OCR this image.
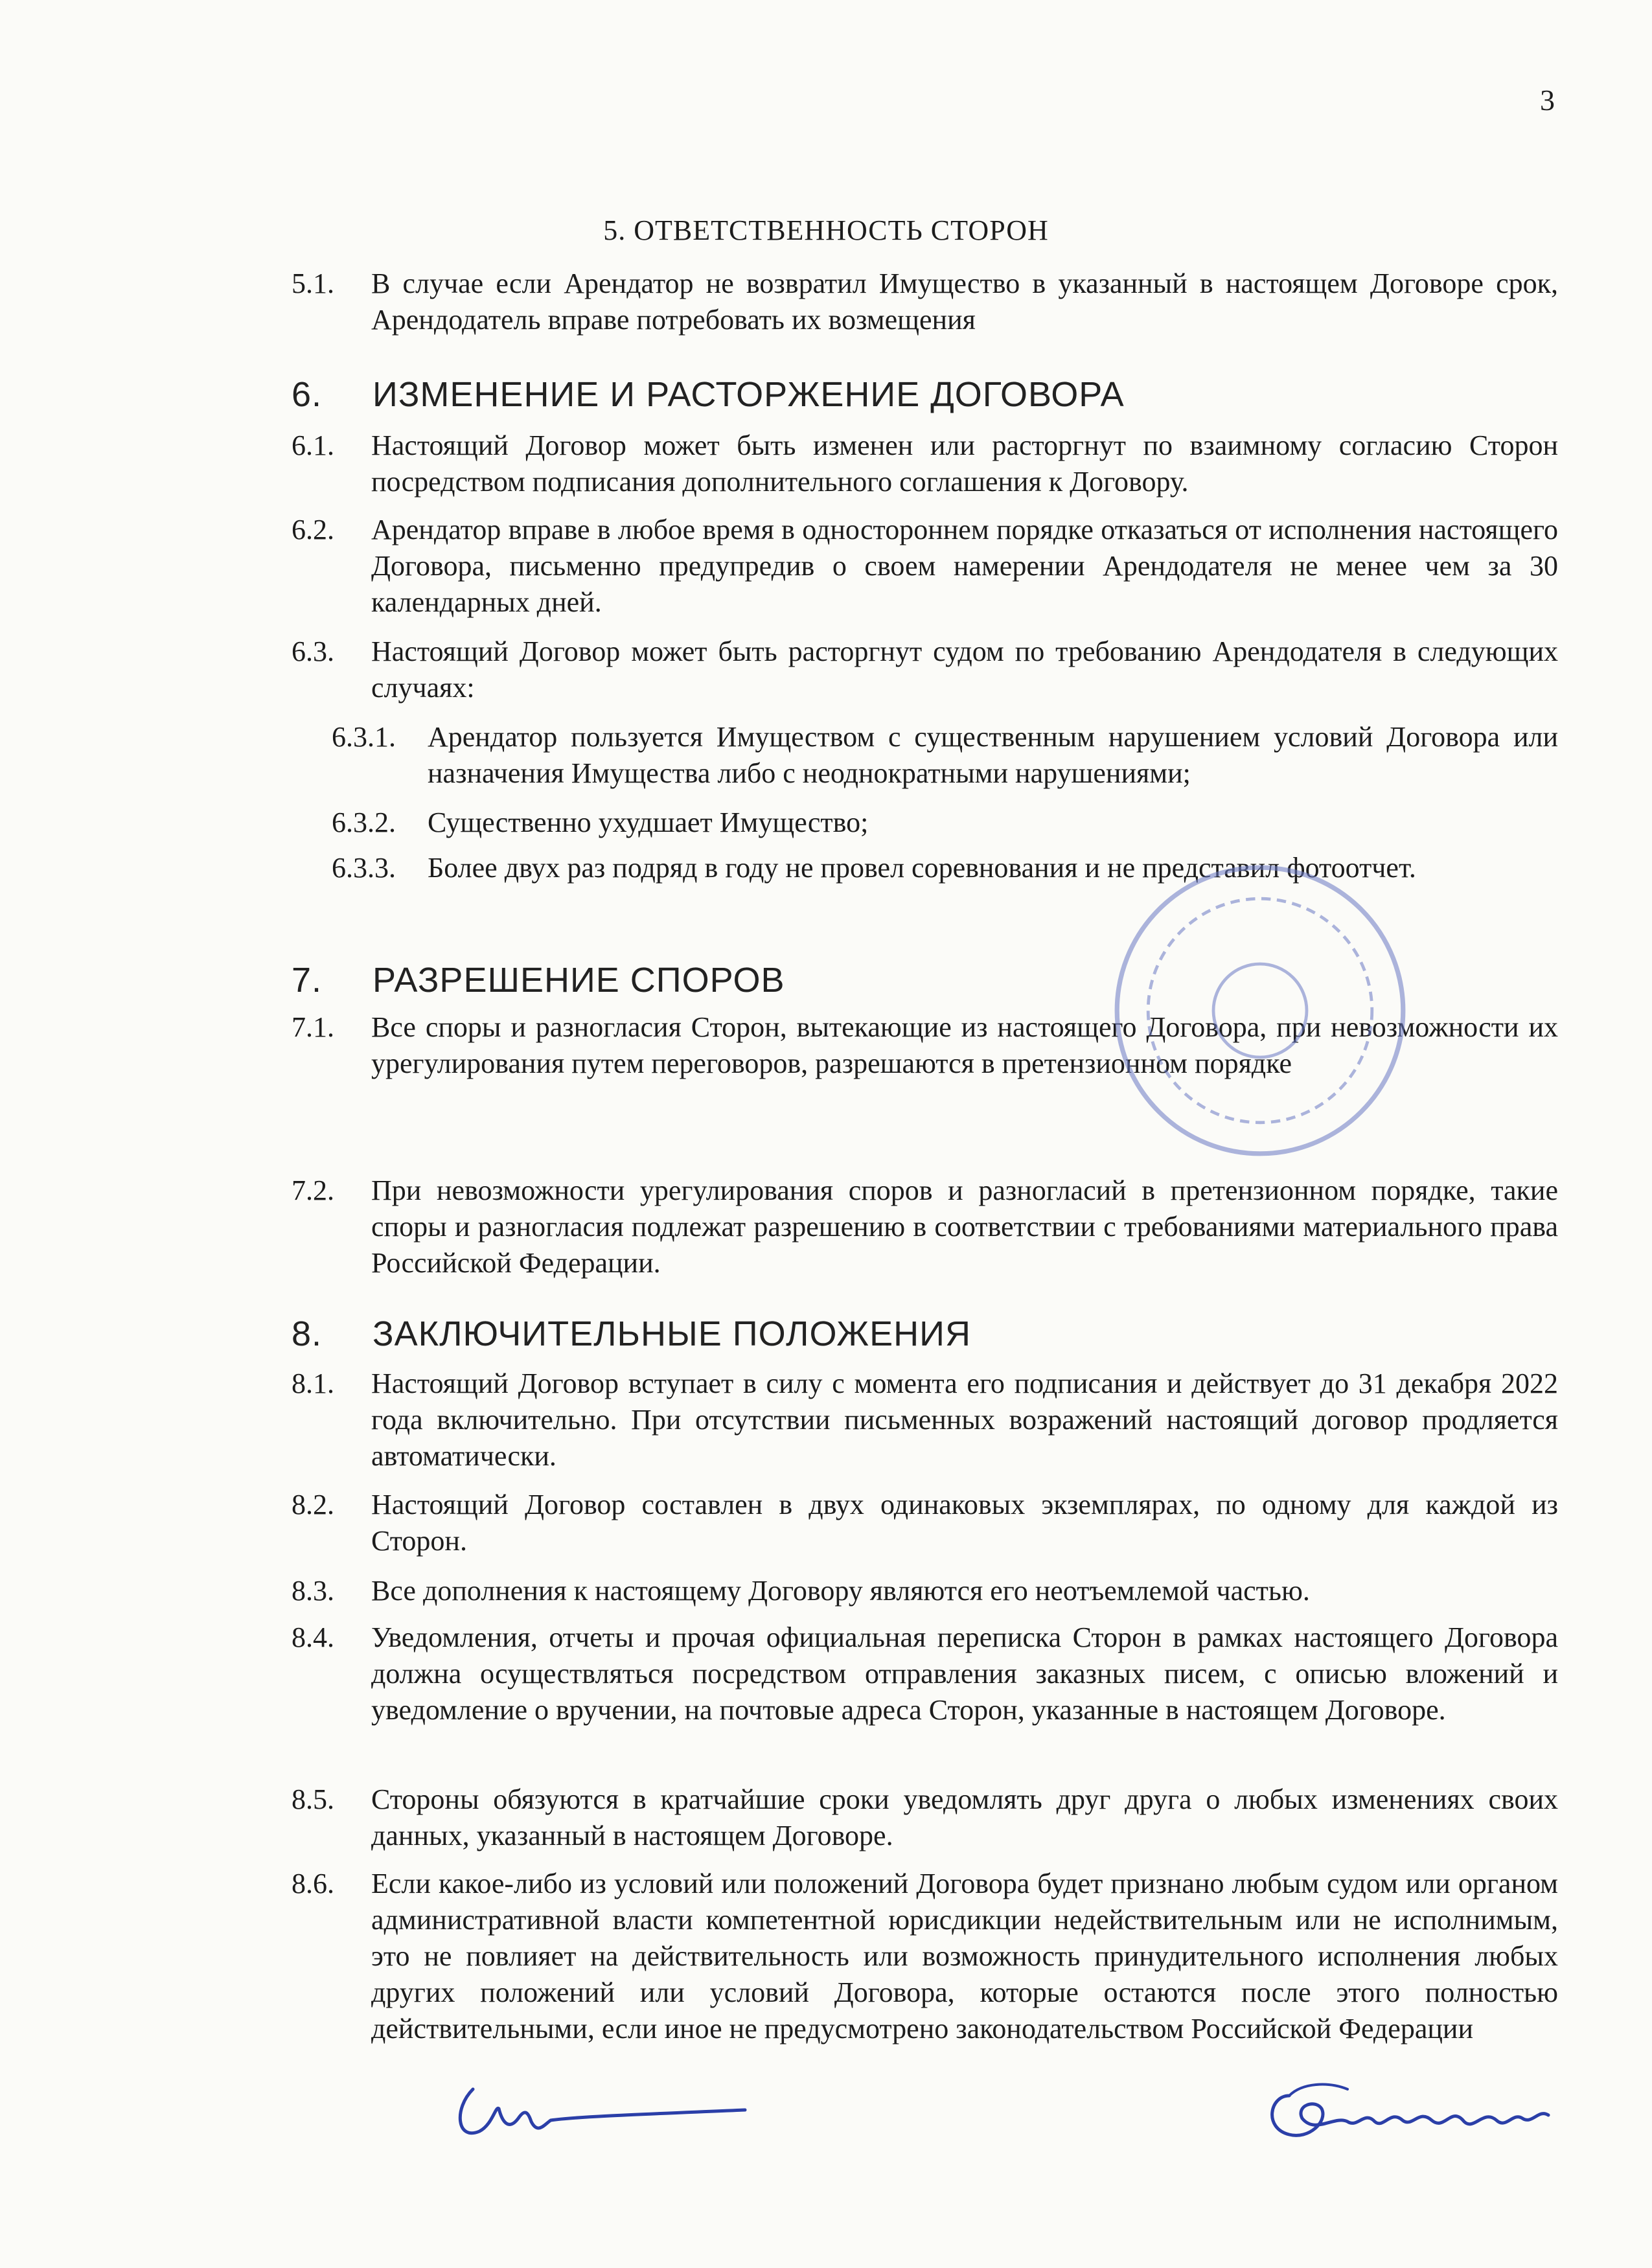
3
5. ОТВЕТСТВЕННОСТЬ СТОРОН
5.1. В случае если Арендатор не возвратил Имущество в указанный в настоящем Договоре срок, Арендодатель вправе потребовать их возмещения
6.	ИЗМЕНЕНИЕ И РАСТОРЖЕНИЕ ДОГОВОРА
6.1. Настоящий Договор может быть изменен или расторгнут по взаимному согласию Сторон посредством подписания дополнительного соглашения к Договору.
6.2. Арендатор вправе в любое время в одностороннем порядке отказаться от исполнения настоящего Договора, письменно предупредив о своем намерении Арендодателя не менее чем за 30 календарных дней.
6.3. Настоящий Договор может быть расторгнут судом по требованию Арендодателя в следующих случаях:
6.3.1. Арендатор пользуется Имуществом с существенным нарушением условий Договора или назначения Имущества либо с неоднократными нарушениями;
6.3.2. Существенно ухудшает Имущество;
6.3.3. Более двух раз подряд в году не провел соревнования и не представил фотоотчет.
7.	РАЗРЕШЕНИЕ СПОРОВ
7.1. Все споры и разногласия Сторон, вытекающие из настоящего Договора, при невозможности их урегулирования путем переговоров, разрешаются в претензионном порядке
7.2. При невозможности урегулирования споров и разногласий в претензионном порядке, такие споры и разногласия подлежат разрешению в соответствии с требованиями материального права Российской Федерации.
8.	ЗАКЛЮЧИТЕЛЬНЫЕ ПОЛОЖЕНИЯ
8.1. Настоящий Договор вступает в силу с момента его подписания и действует до 31 декабря 2022 года включительно. При отсутствии письменных возражений настоящий договор продляется автоматически.
8.2. Настоящий Договор составлен в двух одинаковых экземплярах, по одному для каждой из Сторон.
8.3. Все дополнения к настоящему Договору являются его неотъемлемой частью.
8.4. Уведомления, отчеты и прочая официальная переписка Сторон в рамках настоящего Договора должна осуществляться посредством отправления заказных писем, с описью вложений и уведомление о вручении, на почтовые адреса Сторон, указанные в настоящем Договоре.
8.5. Стороны обязуются в кратчайшие сроки уведомлять друг друга о любых изменениях своих данных, указанный в настоящем Договоре.
8.6. Если какое-либо из условий или положений Договора будет признано любым судом или органом административной власти компетентной юрисдикции недействительным или не исполнимым, это не повлияет на действительность или возможность принудительного исполнения любых других положений или условий Договора, которые остаются после этого полностью действительными, если иное не предусмотрено законодательством Российской Федерации
